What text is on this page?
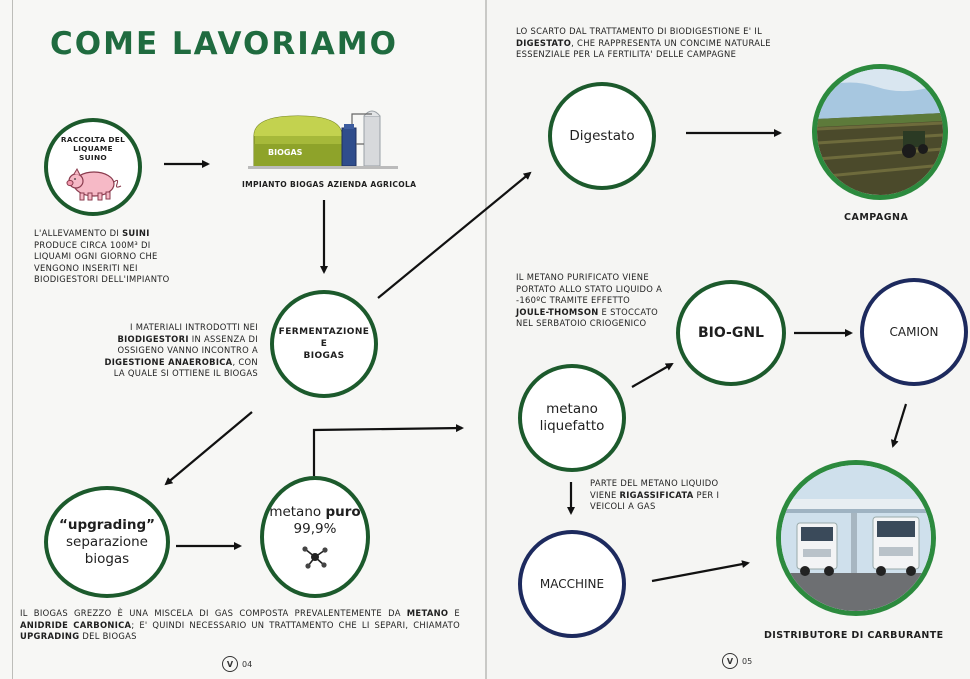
COME LAVORIAMO
RACCOLTA DEL LIQUAME SUINO
L'ALLEVAMENTO DI SUINI PRODUCE CIRCA 100M³ DI LIQUAMI OGNI GIORNO CHE VENGONO INSERITI NEI BIODIGESTORI DELL'IMPIANTO
BIOGAS
IMPIANTO BIOGAS AZIENDA AGRICOLA
FERMENTAZIONE
E
BIOGAS
I MATERIALI INTRODOTTI NEI BIODIGESTORI IN ASSENZA DI OSSIGENO VANNO INCONTRO A DIGESTIONE ANAEROBICA, CON LA QUALE SI OTTIENE IL BIOGAS
“upgrading”
separazione
biogas
metano puro
99,9%
IL BIOGAS GREZZO È UNA MISCELA DI GAS COMPOSTA PREVALENTEMENTE DA METANO E ANIDRIDE CARBONICA; E' QUINDI NECESSARIO UN TRATTAMENTO CHE LI SEPARI, CHIAMATO UPGRADING DEL BIOGAS
V	04	V	05
LO SCARTO DAL TRATTAMENTO DI BIODIGESTIONE E' IL DIGESTATO, CHE RAPPRESENTA UN CONCIME NATURALE ESSENZIALE PER LA FERTILITA' DELLE CAMPAGNE
Digestato
CAMPAGNA
IL METANO PURIFICATO VIENE PORTATO ALLO STATO LIQUIDO A -160ºC TRAMITE EFFETTO JOULE-THOMSON E STOCCATO NEL SERBATOIO CRIOGENICO
BIO-GNL	CAMION
metano
liquefatto
PARTE DEL METANO LIQUIDO VIENE RIGASSIFICATA PER I VEICOLI A GAS
MACCHINE
DISTRIBUTORE DI CARBURANTE
